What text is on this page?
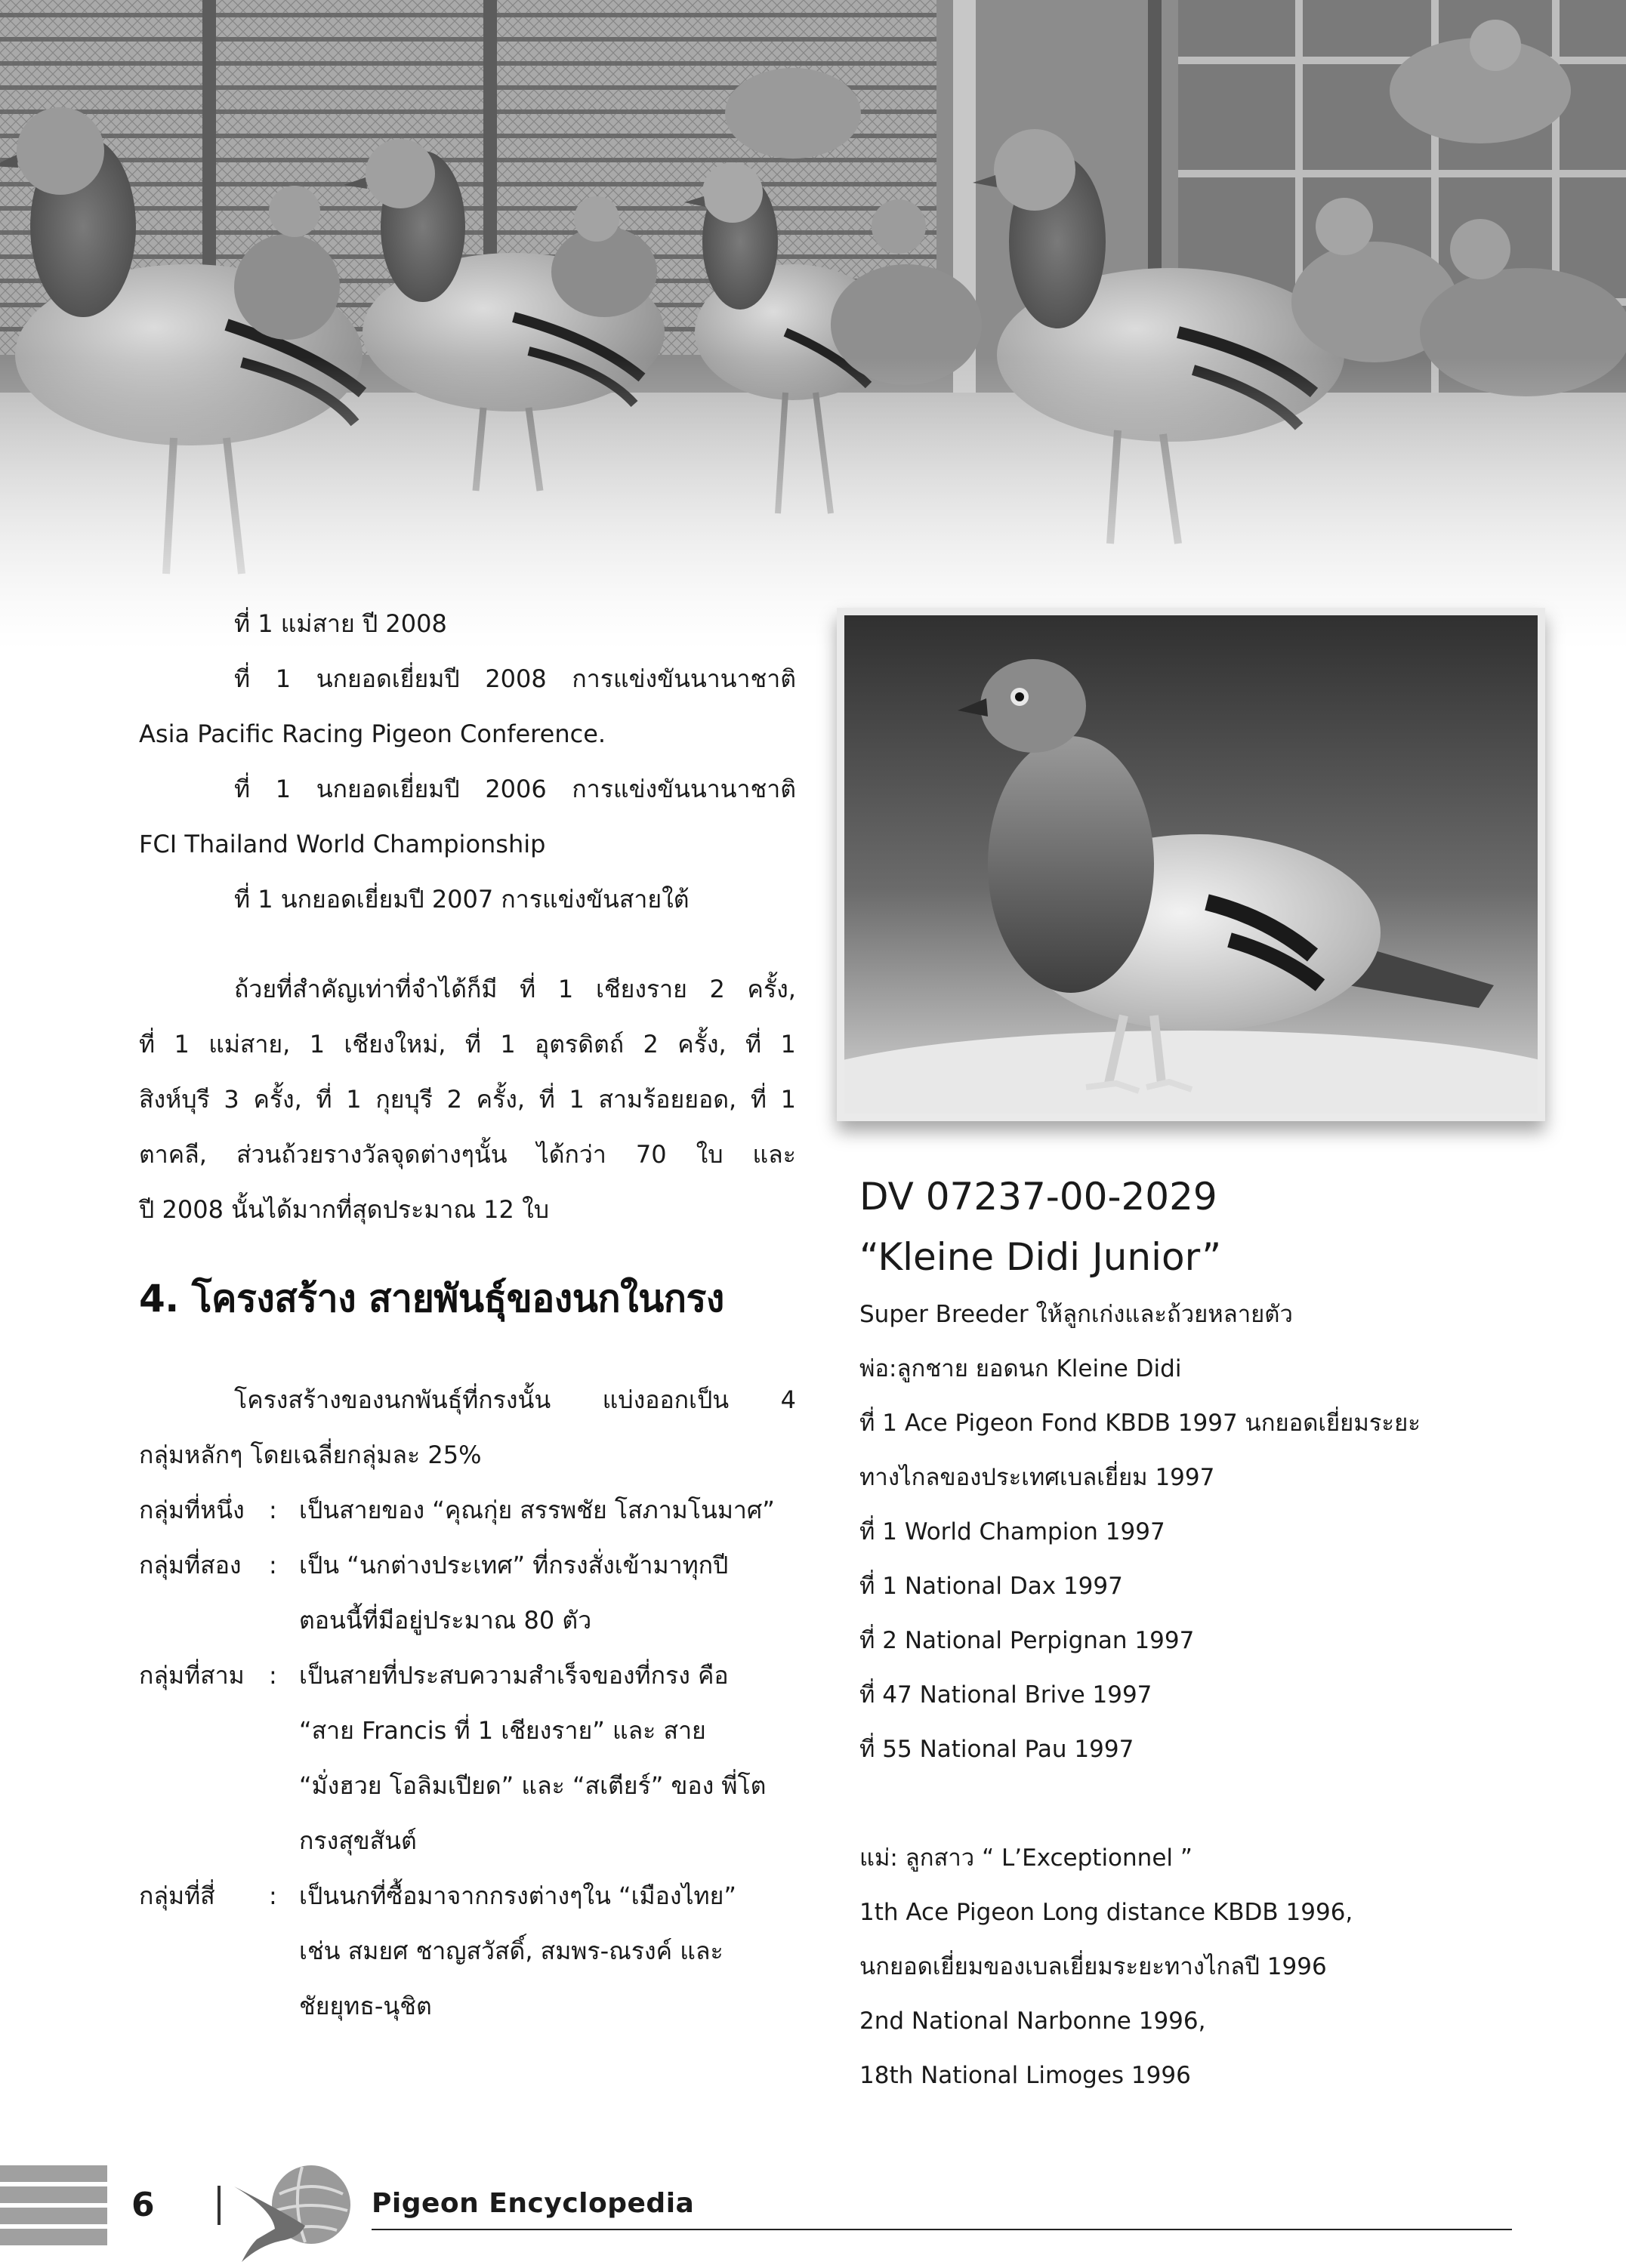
ที่ 1 แม่สาย ปี 2008
ที่ 1 นกยอดเยี่ยมปี 2008 การแข่งขันนานาชาติ
Asia Pacific Racing Pigeon Conference.
ที่ 1 นกยอดเยี่ยมปี 2006 การแข่งขันนานาชาติ
FCI Thailand World Championship
ที่ 1 นกยอดเยี่ยมปี 2007 การแข่งขันสายใต้
ถ้วยที่สำคัญเท่าที่จำได้ก็มี ที่ 1 เชียงราย 2 ครั้ง,
ที่ 1 แม่สาย, 1 เชียงใหม่, ที่ 1 อุตรดิตถ์ 2 ครั้ง, ที่ 1
สิงห์บุรี 3 ครั้ง, ที่ 1 กุยบุรี 2 ครั้ง, ที่ 1 สามร้อยยอด, ที่ 1
ตาคลี, ส่วนถ้วยรางวัลจุดต่างๆนั้น ได้กว่า 70 ใบ และ
ปี 2008 นั้นได้มากที่สุดประมาณ 12 ใบ
4. โครงสร้าง สายพันธุ์ของนกในกรง
โครงสร้างของนกพันธุ์ที่กรงนั้น แบ่งออกเป็น 4
กลุ่มหลักๆ โดยเฉลี่ยกลุ่มละ 25%
กลุ่มที่หนึ่ง	: เป็นสายของ “คุณกุ่ย สรรพชัย โสภามโนมาศ”
กลุ่มที่สอง	: เป็น “นกต่างประเทศ” ที่กรงสั่งเข้ามาทุกปี
ตอนนี้ที่มีอยู่ประมาณ 80 ตัว
กลุ่มที่สาม	: เป็นสายที่ประสบความสำเร็จของที่กรง คือ
“สาย Francis ที่ 1 เชียงราย” และ สาย
“มั่งฮวย โอลิมเปียด” และ “สเตียร์” ของ พี่โต
กรงสุขสันต์
กลุ่มที่สี่	: เป็นนกที่ซื้อมาจากกรงต่างๆใน “เมืองไทย”
เช่น สมยศ ชาญสวัสดิ์, สมพร-ณรงค์ และ
ชัยยุทธ-นุชิต
DV 07237-00-2029
“Kleine Didi Junior”
Super Breeder ให้ลูกเก่งและถ้วยหลายตัว
พ่อ:ลูกชาย ยอดนก Kleine Didi
ที่ 1 Ace Pigeon Fond KBDB 1997 นกยอดเยี่ยมระยะ
ทางไกลของประเทศเบลเยี่ยม 1997
ที่ 1 World Champion 1997
ที่ 1 National Dax 1997
ที่ 2 National Perpignan 1997
ที่ 47 National Brive 1997
ที่ 55 National Pau 1997
แม่: ลูกสาว “ L’Exceptionnel ”
1th Ace Pigeon Long distance KBDB 1996,
นกยอดเยี่ยมของเบลเยี่ยมระยะทางไกลปี 1996
2nd National Narbonne 1996,
18th National Limoges 1996
6	Pigeon Encyclopedia
